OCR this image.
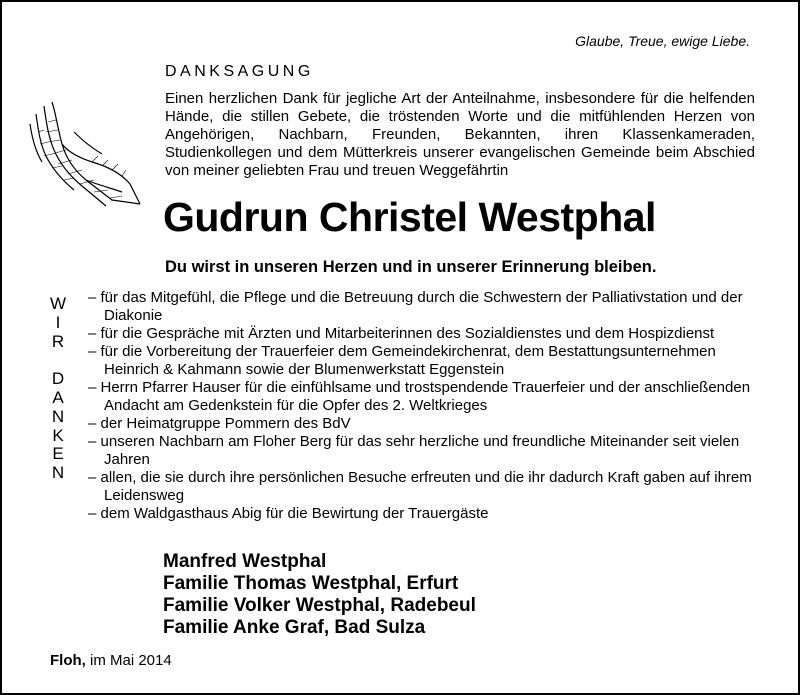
Glaube, Treue, ewige Liebe.
DANKSAGUNG
Einen herzlichen Dank für jegliche Art der Anteilnahme, insbesondere für die helfenden Hände, die stillen Gebete, die tröstenden Worte und die mitfühlenden Herzen von Angehörigen, Nachbarn, Freunden, Bekannten, ihren Klassenkameraden, Studienkollegen und dem Mütterkreis unserer evangelischen Gemeinde beim Abschied von meiner geliebten Frau und treuen Weggefährtin
Gudrun Christel Westphal
Du wirst in unseren Herzen und in unserer Erinnerung bleiben.
W
I
R
D
A
N
K
E
N
– für das Mitgefühl, die Pflege und die Betreuung durch die Schwestern der Palliativstation und der Diakonie
– für die Gespräche mit Ärzten und Mitarbeiterinnen des Sozialdienstes und dem Hospizdienst
– für die Vorbereitung der Trauerfeier dem Gemeindekirchenrat, dem Bestattungsunternehmen Heinrich & Kahmann sowie der Blumenwerkstatt Eggenstein
– Herrn Pfarrer Hauser für die einfühlsame und trostspendende Trauerfeier und der anschließenden Andacht am Gedenkstein für die Opfer des 2. Weltkrieges
– der Heimatgruppe Pommern des BdV
– unseren Nachbarn am Floher Berg für das sehr herzliche und freundliche Miteinander seit vielen Jahren
– allen, die sie durch ihre persönlichen Besuche erfreuten und die ihr dadurch Kraft gaben auf ihrem Leidensweg
– dem Waldgasthaus Abig für die Bewirtung der Trauergäste
Manfred Westphal
Familie Thomas Westphal, Erfurt
Familie Volker Westphal, Radebeul
Familie Anke Graf, Bad Sulza
Floh, im Mai 2014
